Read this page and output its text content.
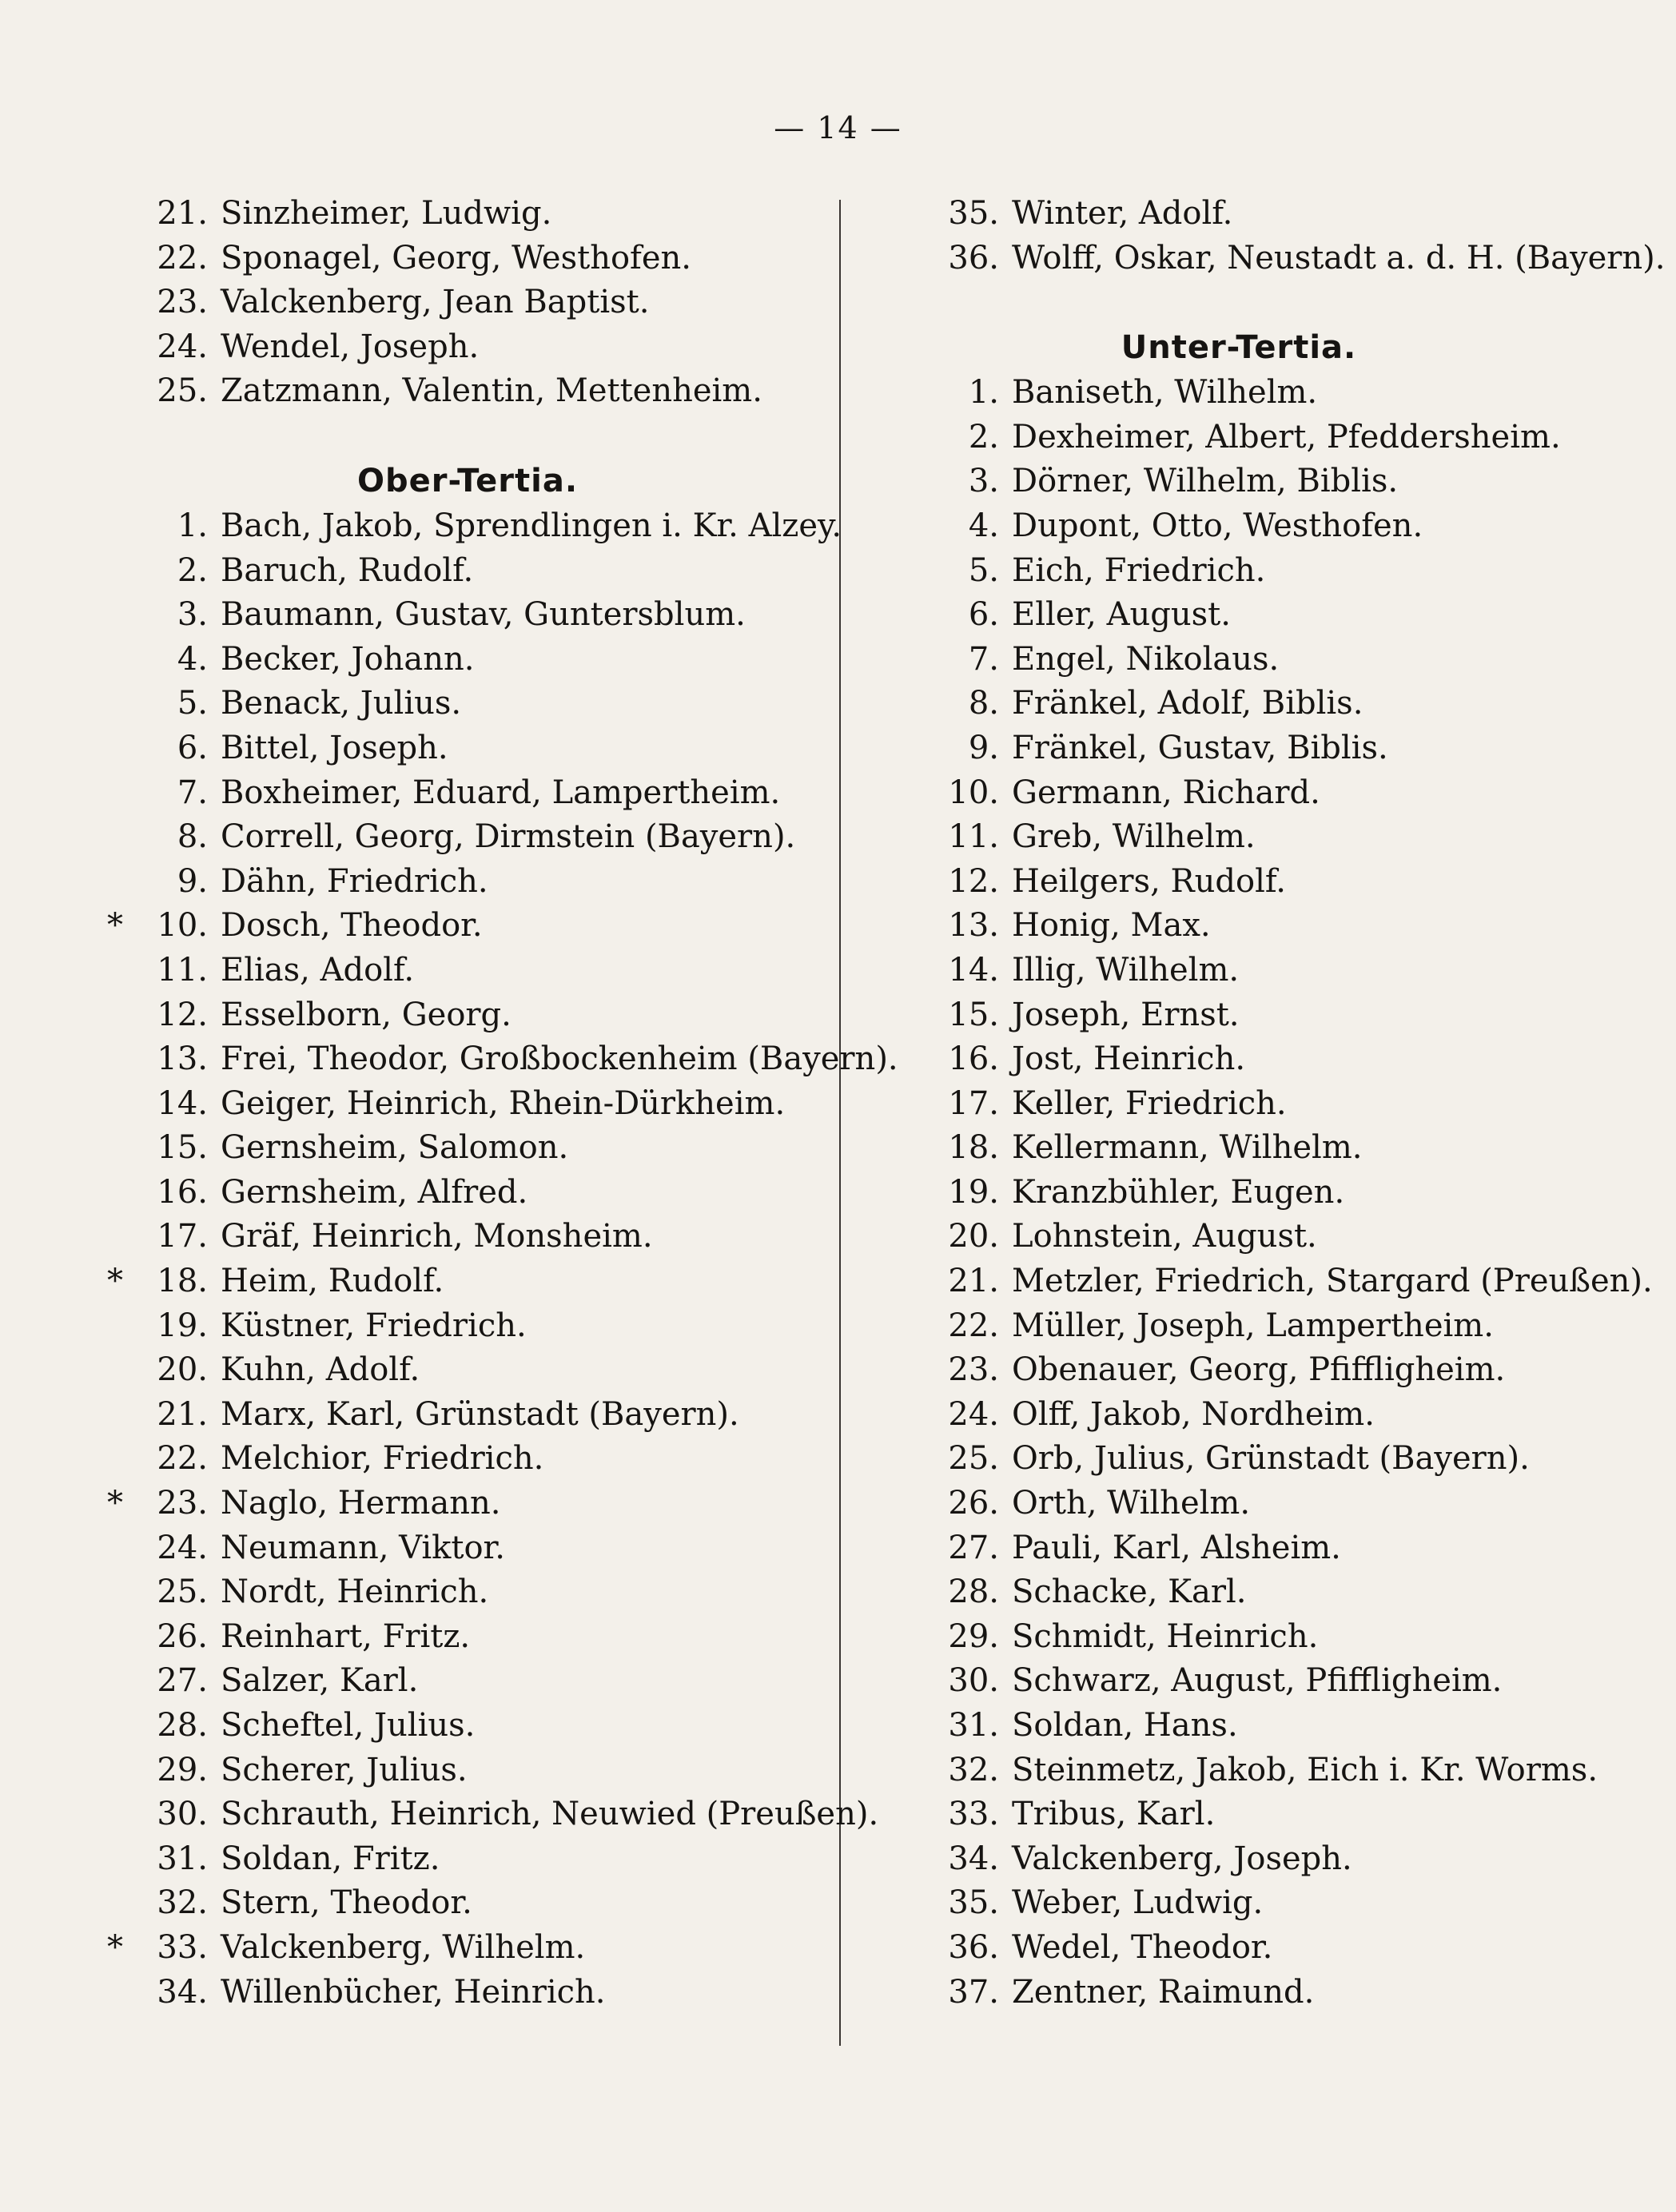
— 14 —
21. Sinzheimer, Ludwig.
22. Sponagel, Georg, Westhofen.
23. Valckenberg, Jean Baptist.
24. Wendel, Joseph.
25. Zatzmann, Valentin, Mettenheim.
Ober-Tertia.
1. Bach, Jakob, Sprendlingen i. Kr. Alzey.
2. Baruch, Rudolf.
3. Baumann, Gustav, Guntersblum.
4. Becker, Johann.
5. Benack, Julius.
6. Bittel, Joseph.
7. Boxheimer, Eduard, Lampertheim.
8. Correll, Georg, Dirmstein (Bayern).
9. Dähn, Friedrich.
* 10. Dosch, Theodor.
11. Elias, Adolf.
12. Esselborn, Georg.
13. Frei, Theodor, Großbockenheim (Bayern).
14. Geiger, Heinrich, Rhein-Dürkheim.
15. Gernsheim, Salomon.
16. Gernsheim, Alfred.
17. Gräf, Heinrich, Monsheim.
* 18. Heim, Rudolf.
19. Küstner, Friedrich.
20. Kuhn, Adolf.
21. Marx, Karl, Grünstadt (Bayern).
22. Melchior, Friedrich.
* 23. Naglo, Hermann.
24. Neumann, Viktor.
25. Nordt, Heinrich.
26. Reinhart, Fritz.
27. Salzer, Karl.
28. Scheftel, Julius.
29. Scherer, Julius.
30. Schrauth, Heinrich, Neuwied (Preußen).
31. Soldan, Fritz.
32. Stern, Theodor.
* 33. Valckenberg, Wilhelm.
34. Willenbücher, Heinrich.
35. Winter, Adolf.
36. Wolff, Oskar, Neustadt a. d. H. (Bayern).
Unter-Tertia.
1. Baniseth, Wilhelm.
2. Dexheimer, Albert, Pfeddersheim.
3. Dörner, Wilhelm, Biblis.
4. Dupont, Otto, Westhofen.
5. Eich, Friedrich.
6. Eller, August.
7. Engel, Nikolaus.
8. Fränkel, Adolf, Biblis.
9. Fränkel, Gustav, Biblis.
10. Germann, Richard.
11. Greb, Wilhelm.
12. Heilgers, Rudolf.
13. Honig, Max.
14. Illig, Wilhelm.
15. Joseph, Ernst.
16. Jost, Heinrich.
17. Keller, Friedrich.
18. Kellermann, Wilhelm.
19. Kranzbühler, Eugen.
20. Lohnstein, August.
21. Metzler, Friedrich, Stargard (Preußen).
22. Müller, Joseph, Lampertheim.
23. Obenauer, Georg, Pfiffligheim.
24. Olff, Jakob, Nordheim.
25. Orb, Julius, Grünstadt (Bayern).
26. Orth, Wilhelm.
27. Pauli, Karl, Alsheim.
28. Schacke, Karl.
29. Schmidt, Heinrich.
30. Schwarz, August, Pfiffligheim.
31. Soldan, Hans.
32. Steinmetz, Jakob, Eich i. Kr. Worms.
33. Tribus, Karl.
34. Valckenberg, Joseph.
35. Weber, Ludwig.
36. Wedel, Theodor.
37. Zentner, Raimund.
